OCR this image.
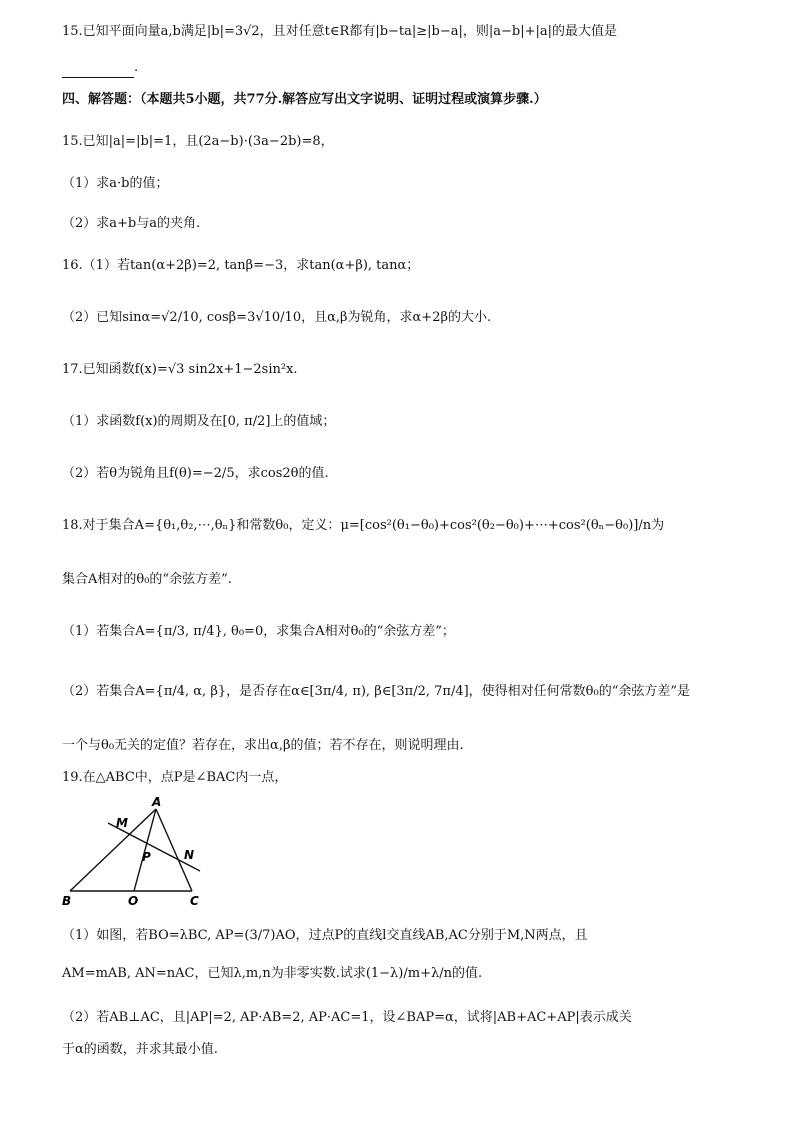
15.已知平面向量a,b满足|b|=3√2，且对任意t∈R都有|b−ta|≥|b−a|，则|a−b|+|a|的最大值是
.
四、解答题：（本题共5小题，共77分.解答应写出文字说明、证明过程或演算步骤.）
15.已知|a|=|b|=1，且(2a−b)·(3a−2b)=8，
（1）求a·b的值；
（2）求a+b与a的夹角.
16.（1）若tan(α+2β)=2, tanβ=−3，求tan(α+β), tanα；
（2）已知sinα=√2/10, cosβ=3√10/10，且α,β为锐角，求α+2β的大小.
17.已知函数f(x)=√3 sin2x+1−2sin²x.
（1）求函数f(x)的周期及在[0, π/2]上的值域；
（2）若θ为锐角且f(θ)=−2/5，求cos2θ的值.
18.对于集合A={θ₁,θ₂,⋯,θₙ}和常数θ₀，定义：μ=[cos²(θ₁−θ₀)+cos²(θ₂−θ₀)+⋯+cos²(θₙ−θ₀)]/n为
集合A相对的θ₀的“余弦方差”.
（1）若集合A={π/3, π/4}, θ₀=0，求集合A相对θ₀的“余弦方差”；
（2）若集合A={π/4, α, β}，是否存在α∈[3π/4, π), β∈[3π/2, 7π/4]，使得相对任何常数θ₀的“余弦方差”是
一个与θ₀无关的定值？若存在，求出α,β的值；若不存在，则说明理由.
19.在△ABC中，点P是∠BAC内一点，
A
B	C
O
P
M
N
（1）如图，若BO=λBC, AP=(3/7)AO，过点P的直线l交直线AB,AC分别于M,N两点，且
AM=mAB, AN=nAC，已知λ,m,n为非零实数.试求(1−λ)/m+λ/n的值.
（2）若AB⊥AC，且|AP|=2, AP·AB=2, AP·AC=1，设∠BAP=α，试将|AB+AC+AP|表示成关
于α的函数，并求其最小值.
